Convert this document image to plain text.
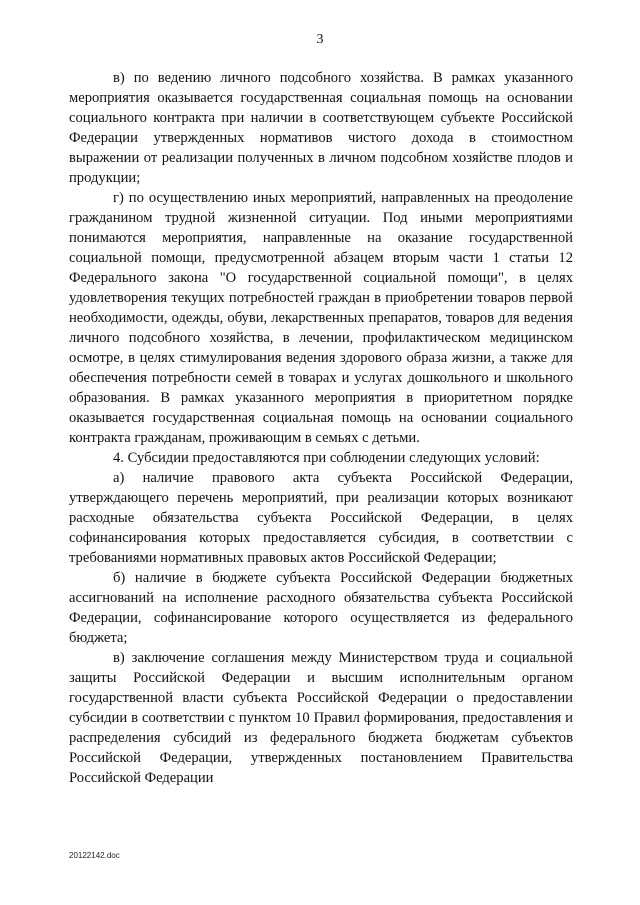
3

в) по ведению личного подсобного хозяйства. В рамках указанного мероприятия оказывается государственная социальная помощь на основании социального контракта при наличии в соответствующем субъекте Российской Федерации утвержденных нормативов чистого дохода в стоимостном выражении от реализации полученных в личном подсобном хозяйстве плодов и продукции;

г) по осуществлению иных мероприятий, направленных на преодоление гражданином трудной жизненной ситуации. Под иными мероприятиями понимаются мероприятия, направленные на оказание государственной социальной помощи, предусмотренной абзацем вторым части 1 статьи 12 Федерального закона "О государственной социальной помощи", в целях удовлетворения текущих потребностей граждан в приобретении товаров первой необходимости, одежды, обуви, лекарственных препаратов, товаров для ведения личного подсобного хозяйства, в лечении, профилактическом медицинском осмотре, в целях стимулирования ведения здорового образа жизни, а также для обеспечения потребности семей в товарах и услугах дошкольного и школьного образования. В рамках указанного мероприятия в приоритетном порядке оказывается государственная социальная помощь на основании социального контракта гражданам, проживающим в семьях с детьми.

4. Субсидии предоставляются при соблюдении следующих условий:

а) наличие правового акта субъекта Российской Федерации, утверждающего перечень мероприятий, при реализации которых возникают расходные обязательства субъекта Российской Федерации, в целях софинансирования которых предоставляется субсидия, в соответствии с требованиями нормативных правовых актов Российской Федерации;

б) наличие в бюджете субъекта Российской Федерации бюджетных ассигнований на исполнение расходного обязательства субъекта Российской Федерации, софинансирование которого осуществляется из федерального бюджета;

в) заключение соглашения между Министерством труда и социальной защиты Российской Федерации и высшим исполнительным органом государственной власти субъекта Российской Федерации о предоставлении субсидии в соответствии с пунктом 10 Правил формирования, предоставления и распределения субсидий из федерального бюджета бюджетам субъектов Российской Федерации, утвержденных постановлением Правительства Российской Федерации

20122142.doc
